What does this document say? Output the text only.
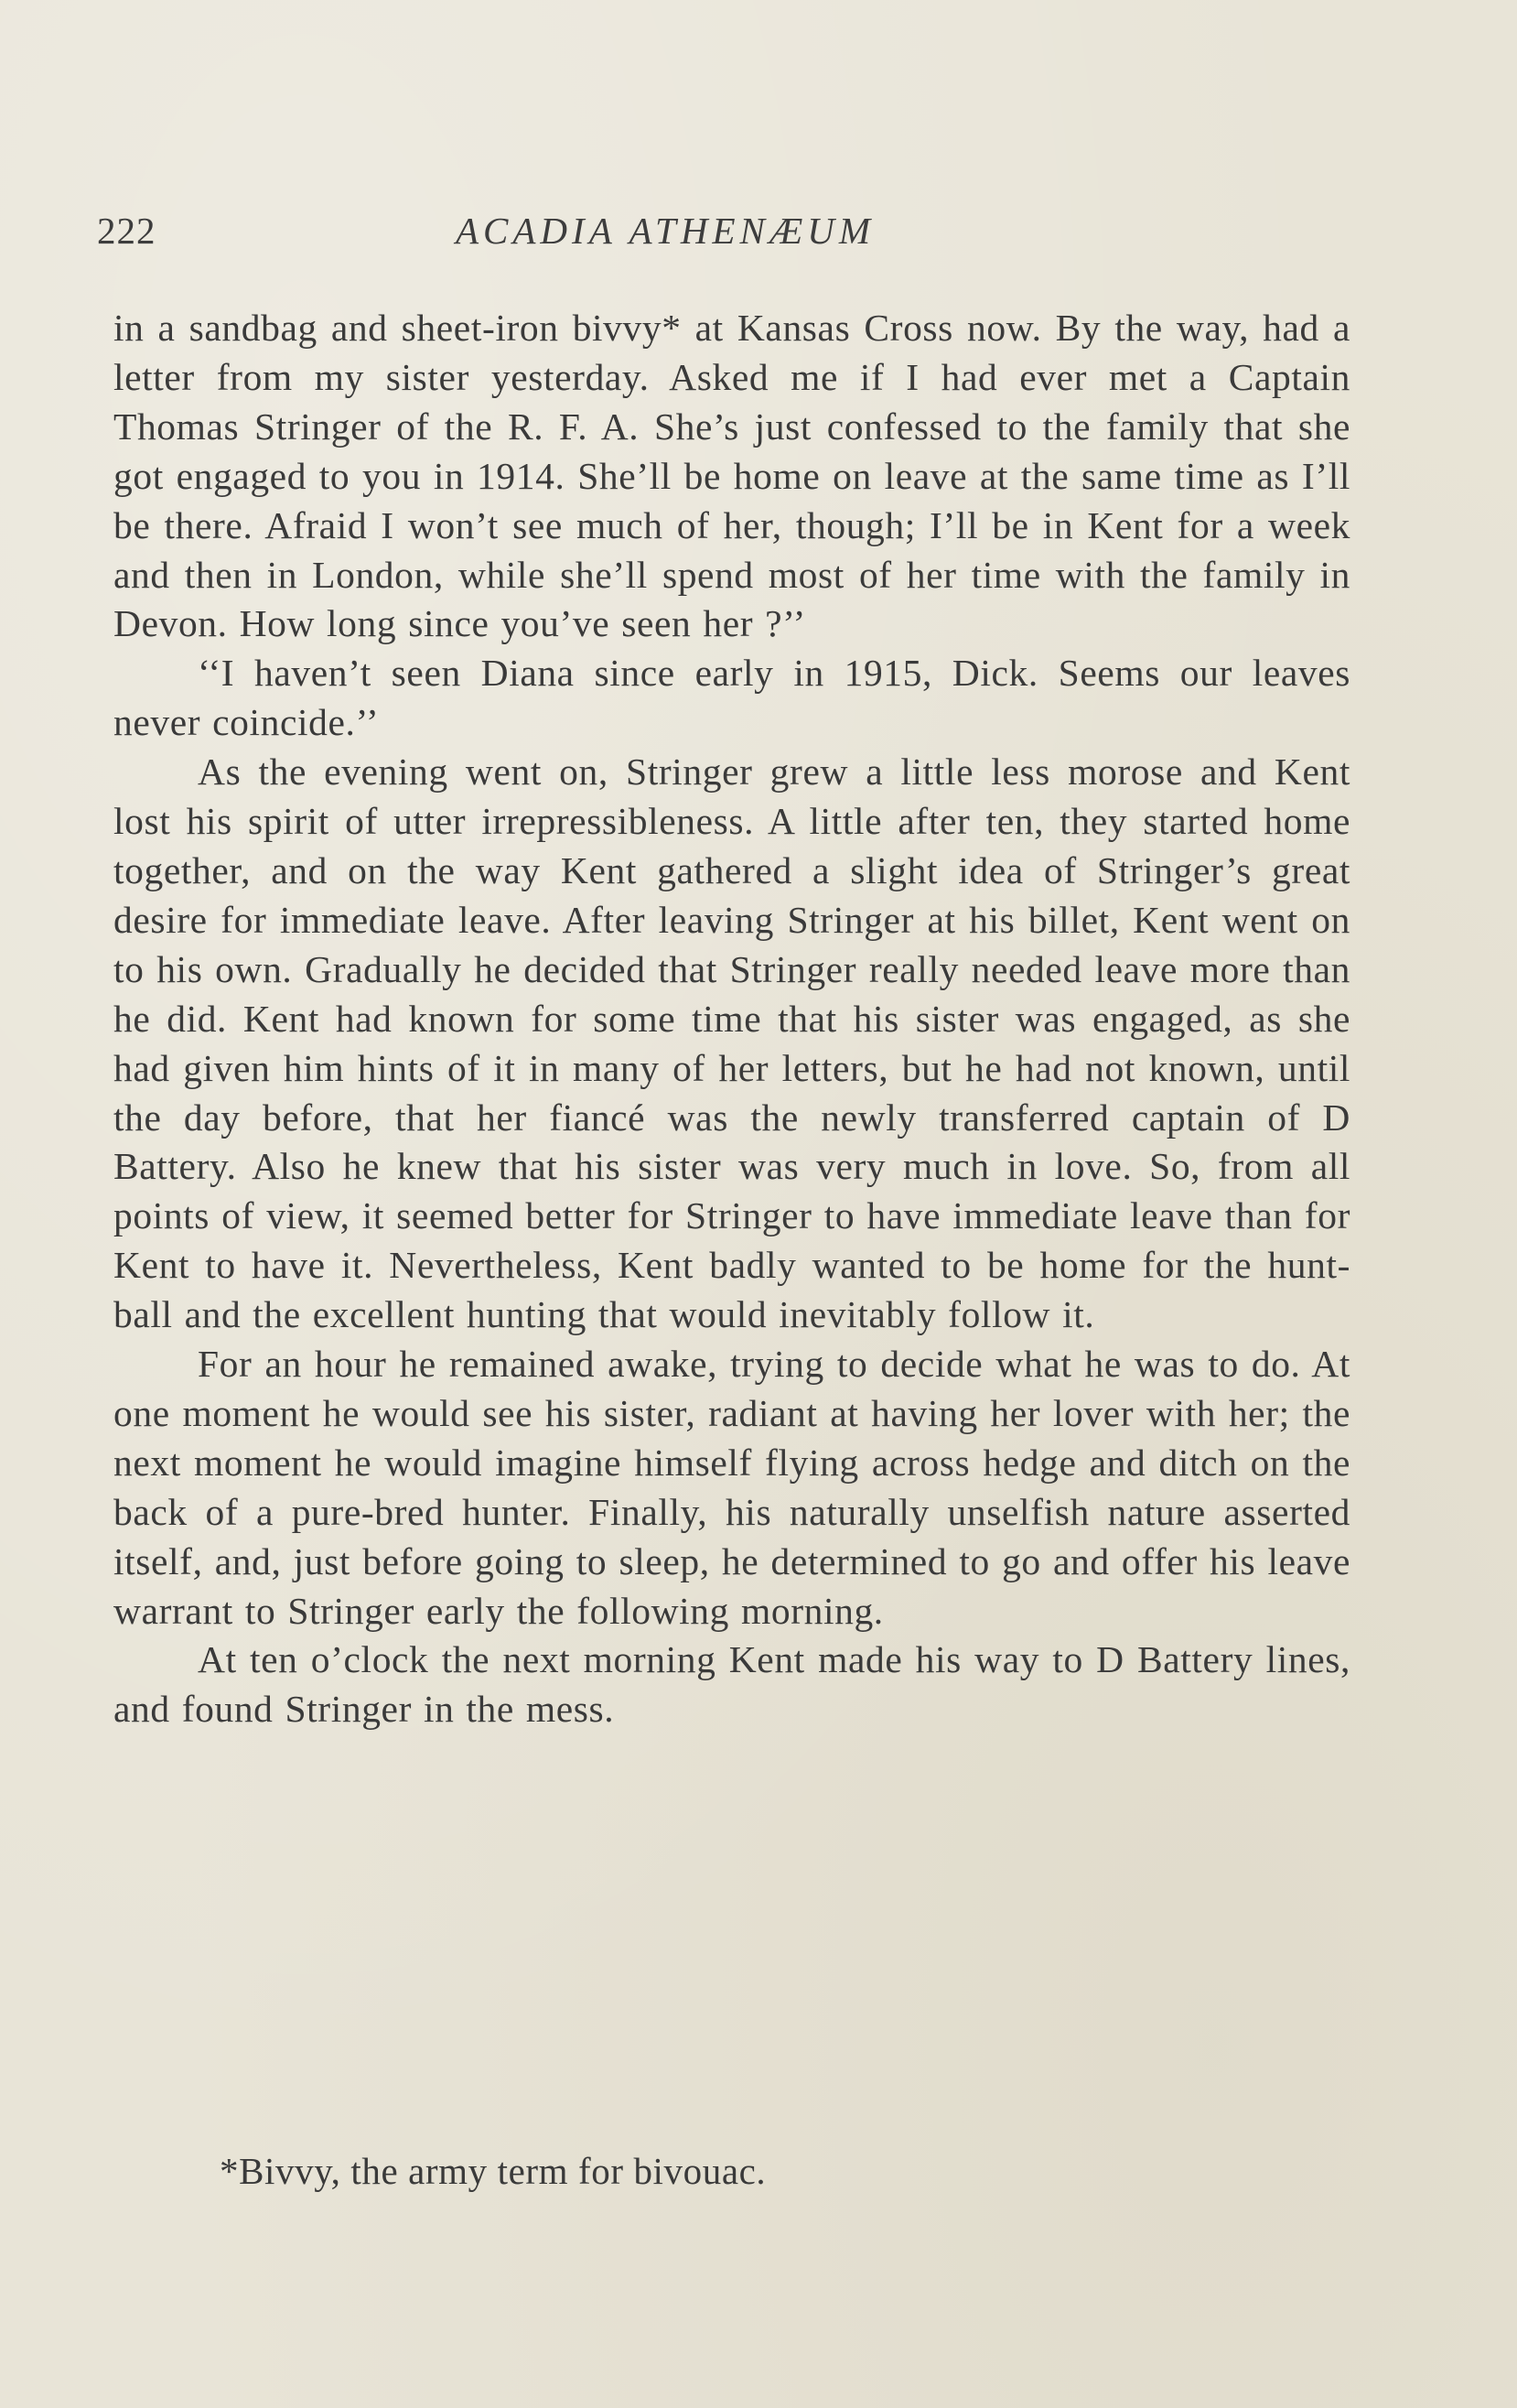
222	ACADIA ATHENÆUM

in a sandbag and sheet-iron bivvy* at Kansas Cross now. By the way, had a letter from my sister yesterday. Asked me if I had ever met a Captain Thomas Stringer of the R. F. A. She’s just confessed to the family that she got engaged to you in 1914. She’ll be home on leave at the same time as I’ll be there. Afraid I won’t see much of her, though; I’ll be in Kent for a week and then in London, while she’ll spend most of her time with the family in Devon. How long since you’ve seen her ?’’

‘‘I haven’t seen Diana since early in 1915, Dick. Seems our leaves never coincide.’’

As the evening went on, Stringer grew a little less morose and Kent lost his spirit of utter irrepressibleness. A little after ten, they started home together, and on the way Kent gathered a slight idea of Stringer’s great desire for immediate leave. After leaving Stringer at his billet, Kent went on to his own. Gradually he decided that Stringer really needed leave more than he did. Kent had known for some time that his sister was engaged, as she had given him hints of it in many of her letters, but he had not known, until the day before, that her fiancé was the newly transferred captain of D Battery. Also he knew that his sister was very much in love. So, from all points of view, it seemed better for Stringer to have immediate leave than for Kent to have it. Nevertheless, Kent badly wanted to be home for the hunt-ball and the excellent hunting that would inevitably follow it.

For an hour he remained awake, trying to decide what he was to do. At one moment he would see his sister, radiant at having her lover with her; the next moment he would imagine himself flying across hedge and ditch on the back of a pure-bred hunter. Finally, his naturally unselfish nature asserted itself, and, just before going to sleep, he determined to go and offer his leave warrant to Stringer early the following morning.

At ten o’clock the next morning Kent made his way to D Battery lines, and found Stringer in the mess.

*Bivvy, the army term for bivouac.
